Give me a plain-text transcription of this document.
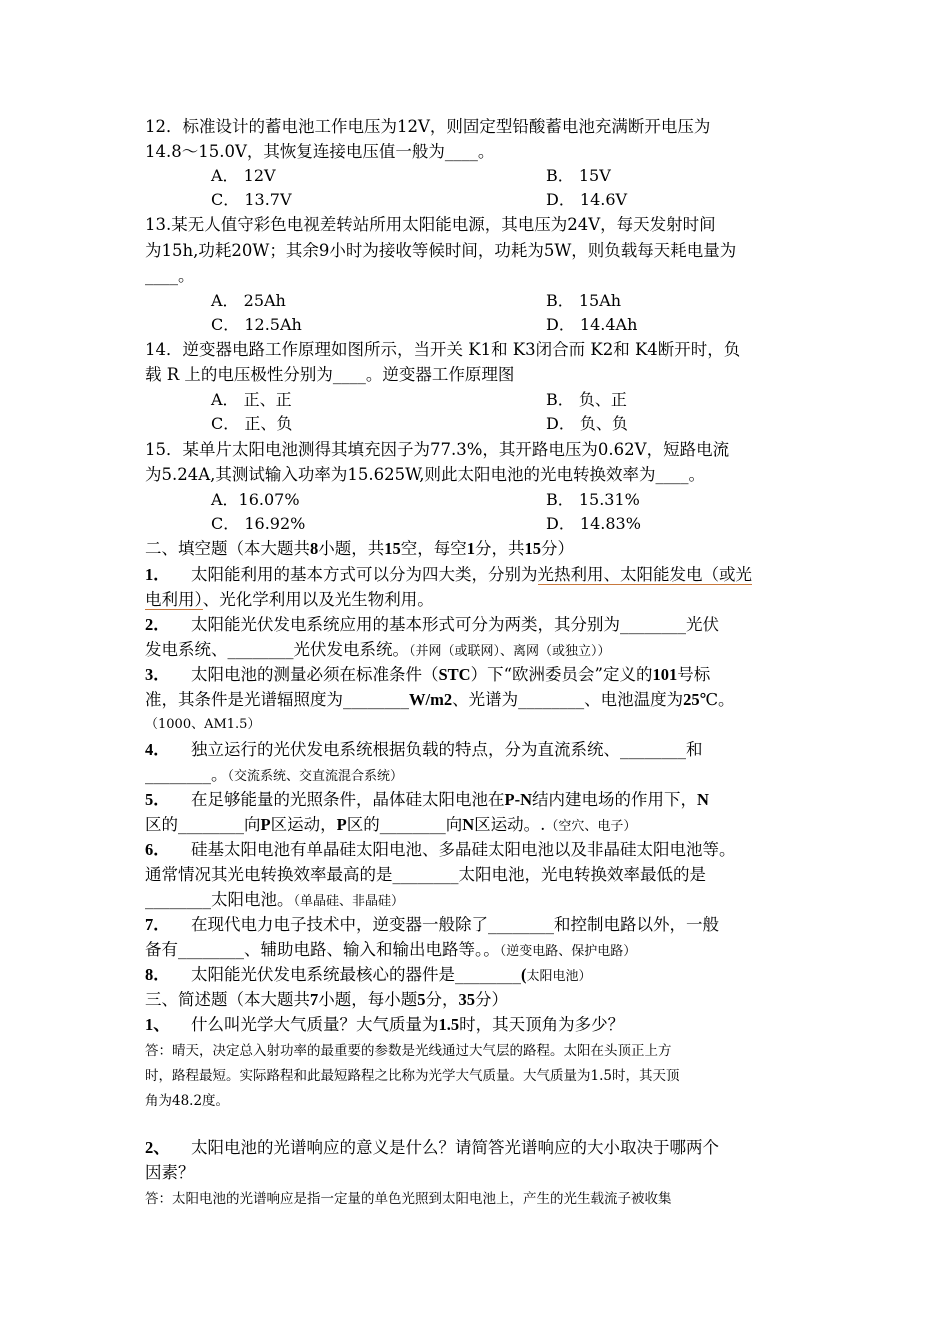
12．标准设计的蓄电池工作电压为12V，则固定型铅酸蓄电池充满断开电压为
14.8～15.0V，其恢复连接电压值一般为____。
A． 12V	B． 15V
C． 13.7V	D． 14.6V
13.某无人值守彩色电视差转站所用太阳能电源，其电压为24V，每天发射时间
为15h,功耗20W；其余9小时为接收等候时间，功耗为5W，则负载每天耗电量为
____。
A． 25Ah	B． 15Ah
C． 12.5Ah	D． 14.4Ah
14．逆变器电路工作原理如图所示，当开关 K1和 K3闭合而 K2和 K4断开时，负
载 R 上的电压极性分别为____。逆变器工作原理图
A． 正、正	B． 负、正
C． 正、负	D． 负、负
15．某单片太阳电池测得其填充因子为77.3%，其开路电压为0.62V，短路电流
为5.24A,其测试输入功率为15.625W,则此太阳电池的光电转换效率为____。
A．16.07%	B． 15.31%
C． 16.92%	D． 14.83%
二、填空题（本大题共8小题，共15空，每空1分，共15分）
1． 太阳能利用的基本方式可以分为四大类，分别为光热利用、太阳能发电（或光
电利用）、光化学利用以及光生物利用。
2． 太阳能光伏发电系统应用的基本形式可分为两类，其分别为________光伏
发电系统、________光伏发电系统。（并网（或联网）、离网（或独立））
3． 太阳电池的测量必须在标准条件（STC）下“欧洲委员会”定义的101号标
准，其条件是光谱辐照度为________W/m2、光谱为________、电池温度为25℃。
（1000、AM1.5）
4． 独立运行的光伏发电系统根据负载的特点，分为直流系统、________和
________。（交流系统、交直流混合系统）
5． 在足够能量的光照条件，晶体硅太阳电池在P-N结内建电场的作用下，N
区的________向P区运动，P区的________向N区运动。.（空穴、电子）
6． 硅基太阳电池有单晶硅太阳电池、多晶硅太阳电池以及非晶硅太阳电池等。
通常情况其光电转换效率最高的是________太阳电池，光电转换效率最低的是
________太阳电池。（单晶硅、非晶硅）
7． 在现代电力电子技术中，逆变器一般除了________和控制电路以外，一般
备有________、辅助电路、输入和输出电路等。。（逆变电路、保护电路）
8． 太阳能光伏发电系统最核心的器件是________(太阳电池）
三、简述题（本大题共7小题，每小题5分，35分）
1、 什么叫光学大气质量？大气质量为1.5时，其天顶角为多少？
答：晴天，决定总入射功率的最重要的参数是光线通过大气层的路程。太阳在头顶正上方
时，路程最短。实际路程和此最短路程之比称为光学大气质量。大气质量为1.5时，其天顶
角为48.2度。
2、 太阳电池的光谱响应的意义是什么？请简答光谱响应的大小取决于哪两个
因素？
答：太阳电池的光谱响应是指一定量的单色光照到太阳电池上，产生的光生载流子被收集
